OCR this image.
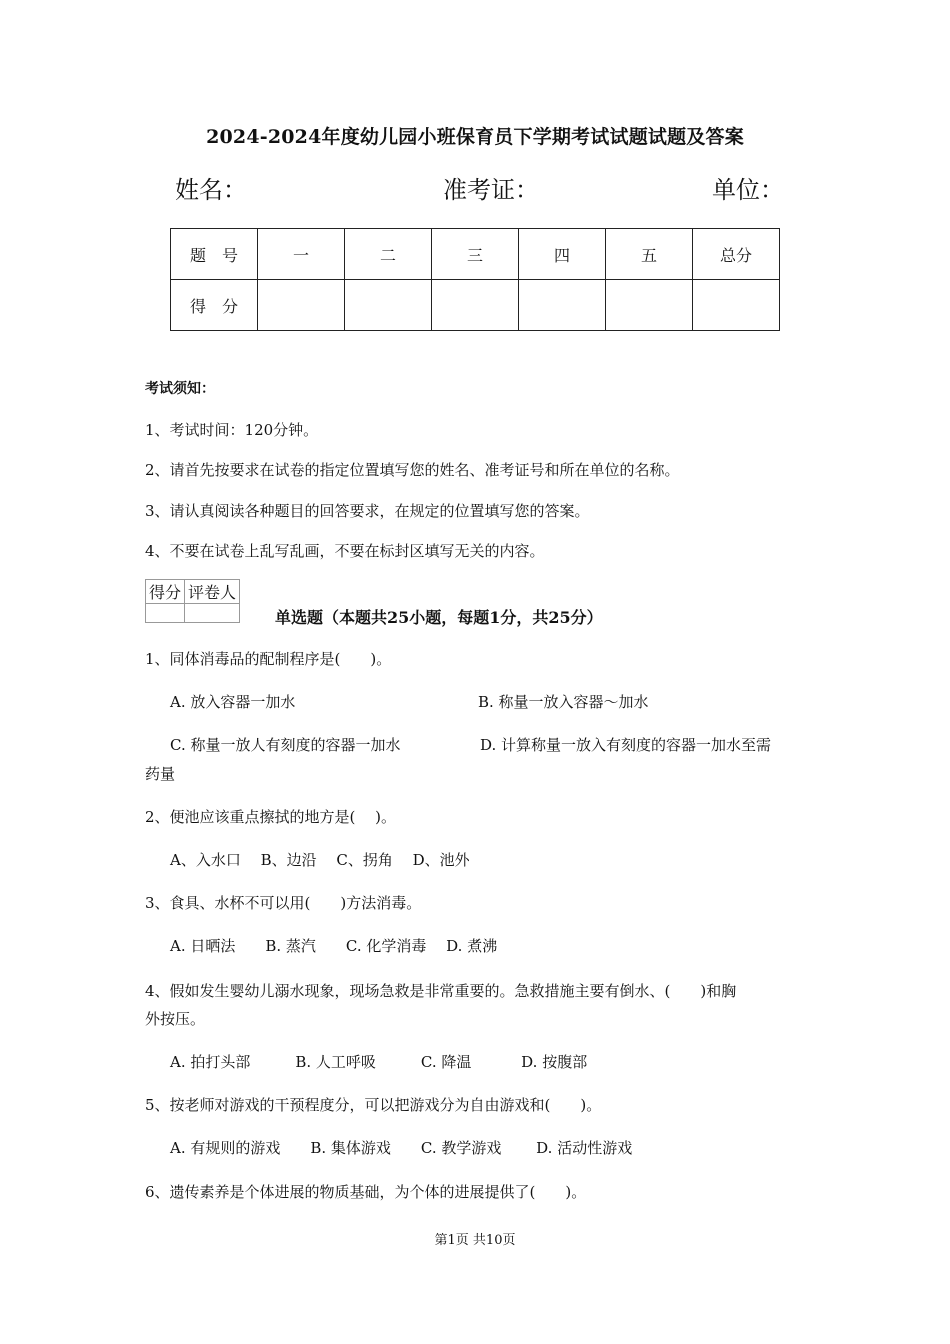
2024-2024年度幼儿园小班保育员下学期考试试题试题及答案
姓名：	准考证：	单位：
题　号	一	二	三	四	五	总分
得　分						
考试须知：
1、考试时间：120分钟。
2、请首先按要求在试卷的指定位置填写您的姓名、准考证号和所在单位的名称。
3、请认真阅读各种题目的回答要求，在规定的位置填写您的答案。
4、不要在试卷上乱写乱画，不要在标封区填写无关的内容。
得分	评卷人

单选题（本题共25小题，每题1分，共25分）
1、同体消毒品的配制程序是(　　)。
A. 放入容器一加水	B. 称量一放入容器～加水
C. 称量一放人有刻度的容器一加水	D. 计算称量一放入有刻度的容器一加水至需
药量
2、便池应该重点擦拭的地方是(　 )。
A、入水口　 B、边沿　 C、拐角　 D、池外
3、食具、水杯不可以用(　　)方法消毒。
A. 日晒法　　B. 蒸汽　　C. 化学消毒　 D. 煮沸
4、假如发生婴幼儿溺水现象，现场急救是非常重要的。急救措施主要有倒水、(　　)和胸
外按压。
A. 拍打头部　　　B. 人工呼吸　　　C. 降温　　　 D. 按腹部
5、按老师对游戏的干预程度分，可以把游戏分为自由游戏和(　　)。
A. 有规则的游戏　　B. 集体游戏　　C. 教学游戏　　 D. 活动性游戏
6、遗传素养是个体进展的物质基础，为个体的进展提供了(　　)。
第1页 共10页
